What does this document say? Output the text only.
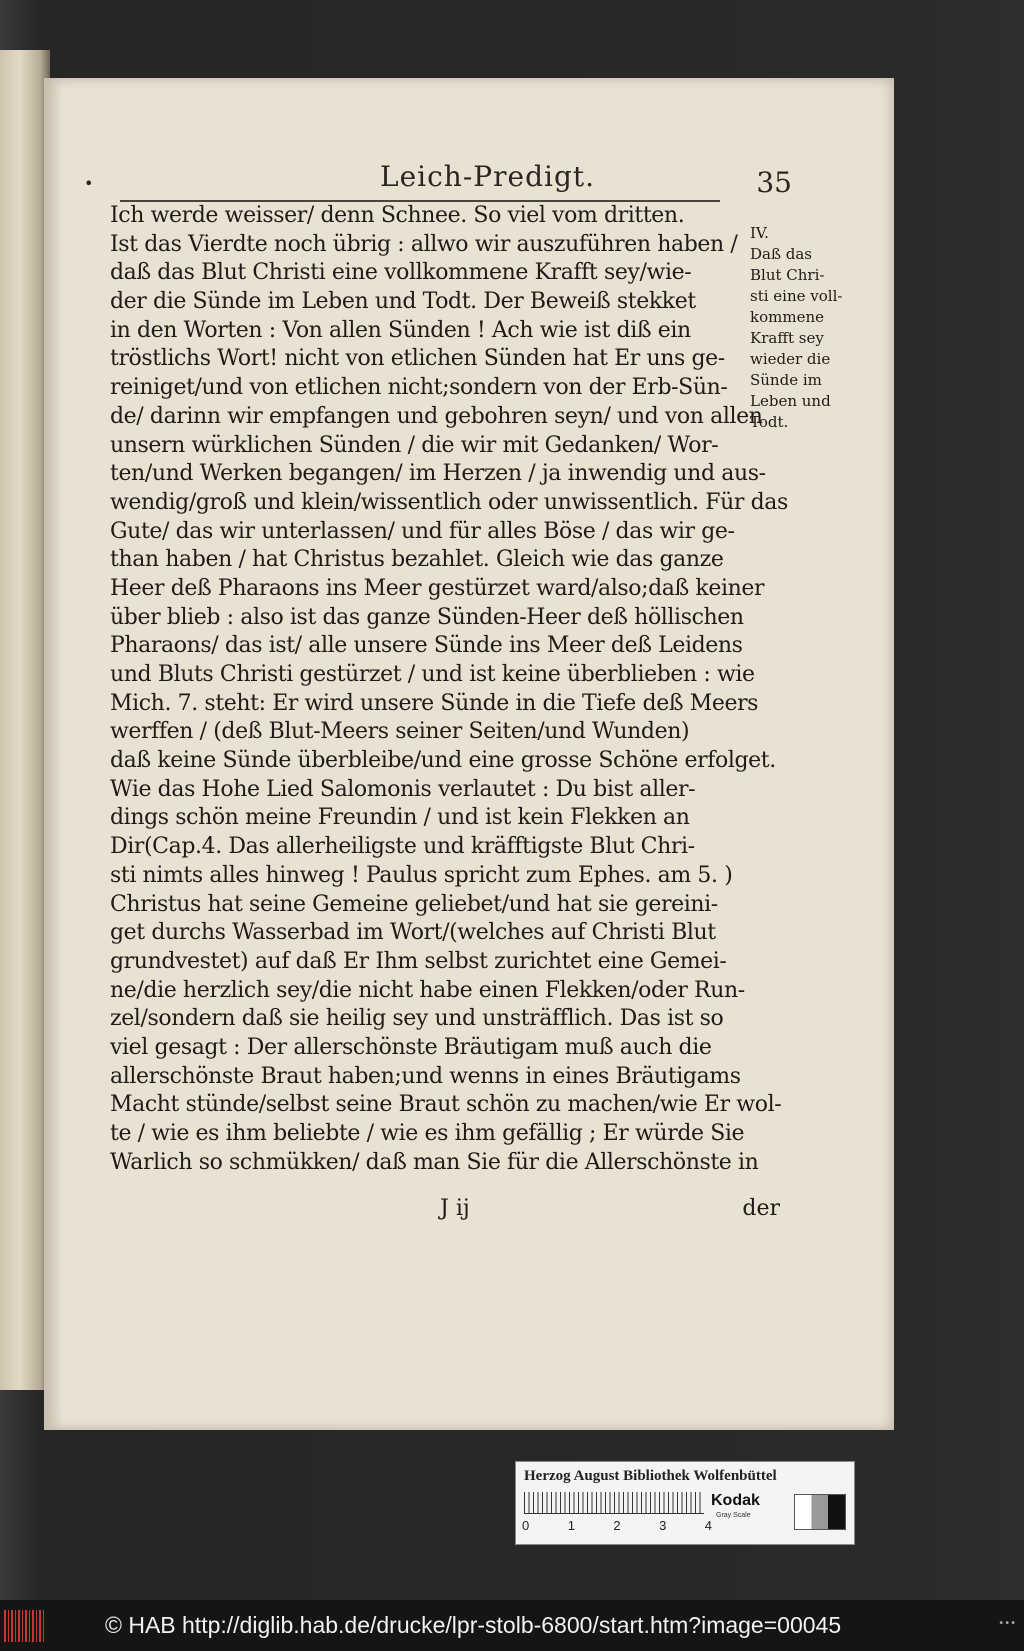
•	Leich-Predigt.	35
Ich werde weisser/ denn Schnee. So viel vom dritten.
Ist das Vierdte noch übrig : allwo wir auszuführen haben /
daß das Blut Christi eine vollkommene Krafft sey/wie-
der die Sünde im Leben und Todt. Der Beweiß stekket
in den Worten : Von allen Sünden ! Ach wie ist diß ein
tröstlichs Wort! nicht von etlichen Sünden hat Er uns ge-
reiniget/und von etlichen nicht;sondern von der Erb-Sün-
de/ darinn wir empfangen und gebohren seyn/ und von allen
unsern würklichen Sünden / die wir mit Gedanken/ Wor-
ten/und Werken begangen/ im Herzen / ja inwendig und aus-
wendig/groß und klein/wissentlich oder unwissentlich. Für das
Gute/ das wir unterlassen/ und für alles Böse / das wir ge-
than haben / hat Christus bezahlet. Gleich wie das ganze
Heer deß Pharaons ins Meer gestürzet ward/also;daß keiner
über blieb : also ist das ganze Sünden-Heer deß höllischen
Pharaons/ das ist/ alle unsere Sünde ins Meer deß Leidens
und Bluts Christi gestürzet / und ist keine überblieben : wie
Mich. 7. steht: Er wird unsere Sünde in die Tiefe deß Meers
werffen / (deß Blut-Meers seiner Seiten/und Wunden)
daß keine Sünde überbleibe/und eine grosse Schöne erfolget.
Wie das Hohe Lied Salomonis verlautet : Du bist aller-
dings schön meine Freundin / und ist kein Flekken an
Dir(Cap.4. Das allerheiligste und kräfftigste Blut Chri-
sti nimts alles hinweg ! Paulus spricht zum Ephes. am 5. )
Christus hat seine Gemeine geliebet/und hat sie gereini-
get durchs Wasserbad im Wort/(welches auf Christi Blut
grundvestet) auf daß Er Ihm selbst zurichtet eine Gemei-
ne/die herzlich sey/die nicht habe einen Flekken/oder Run-
zel/sondern daß sie heilig sey und unsträfflich. Das ist so
viel gesagt : Der allerschönste Bräutigam muß auch die
allerschönste Braut haben;und wenns in eines Bräutigams
Macht stünde/selbst seine Braut schön zu machen/wie Er wol-
te / wie es ihm beliebte / wie es ihm gefällig ; Er würde Sie
Warlich so schmükken/ daß man Sie für die Allerschönste in
IV.
Daß das
Blut Chri-
sti eine voll-
kommene
Krafft sey
wieder die
Sünde im
Leben und
Todt.
J ij	der
Herzog August Bibliothek Wolfenbüttel
0	1	2	3	4
Kodak
Gray Scale
© HAB http://diglib.hab.de/drucke/lpr-stolb-6800/start.htm?image=00045	•••
